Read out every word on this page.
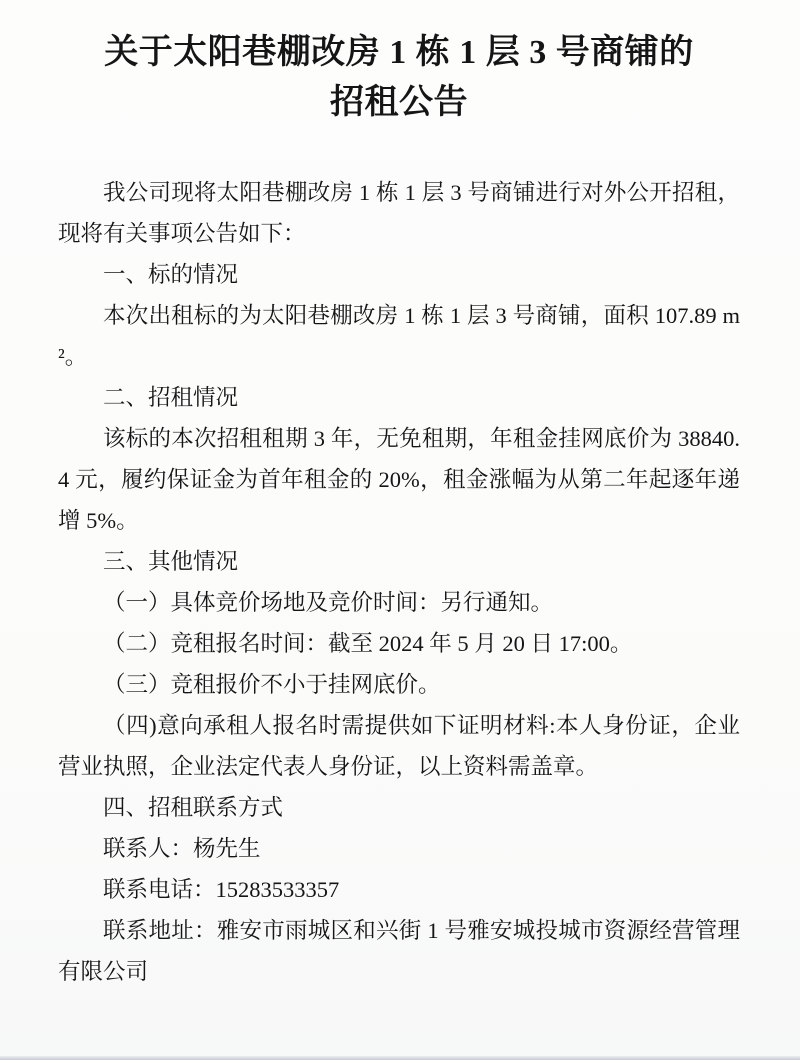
关于太阳巷棚改房 1 栋 1 层 3 号商铺的
招租公告

我公司现将太阳巷棚改房 1 栋 1 层 3 号商铺进行对外公开招租，现将有关事项公告如下：

一、标的情况

本次出租标的为太阳巷棚改房 1 栋 1 层 3 号商铺，面积 107.89 m²。

二、招租情况

该标的本次招租租期 3 年，无免租期，年租金挂网底价为 38840.4 元，履约保证金为首年租金的 20%，租金涨幅为从第二年起逐年递增 5%。

三、其他情况

（一）具体竞价场地及竞价时间：另行通知。

（二）竞租报名时间：截至 2024 年 5 月 20 日 17:00。

（三）竞租报价不小于挂网底价。

（四)意向承租人报名时需提供如下证明材料:本人身份证，企业营业执照，企业法定代表人身份证，以上资料需盖章。

四、招租联系方式

联系人：杨先生

联系电话：15283533357

联系地址：雅安市雨城区和兴街 1 号雅安城投城市资源经营管理有限公司
